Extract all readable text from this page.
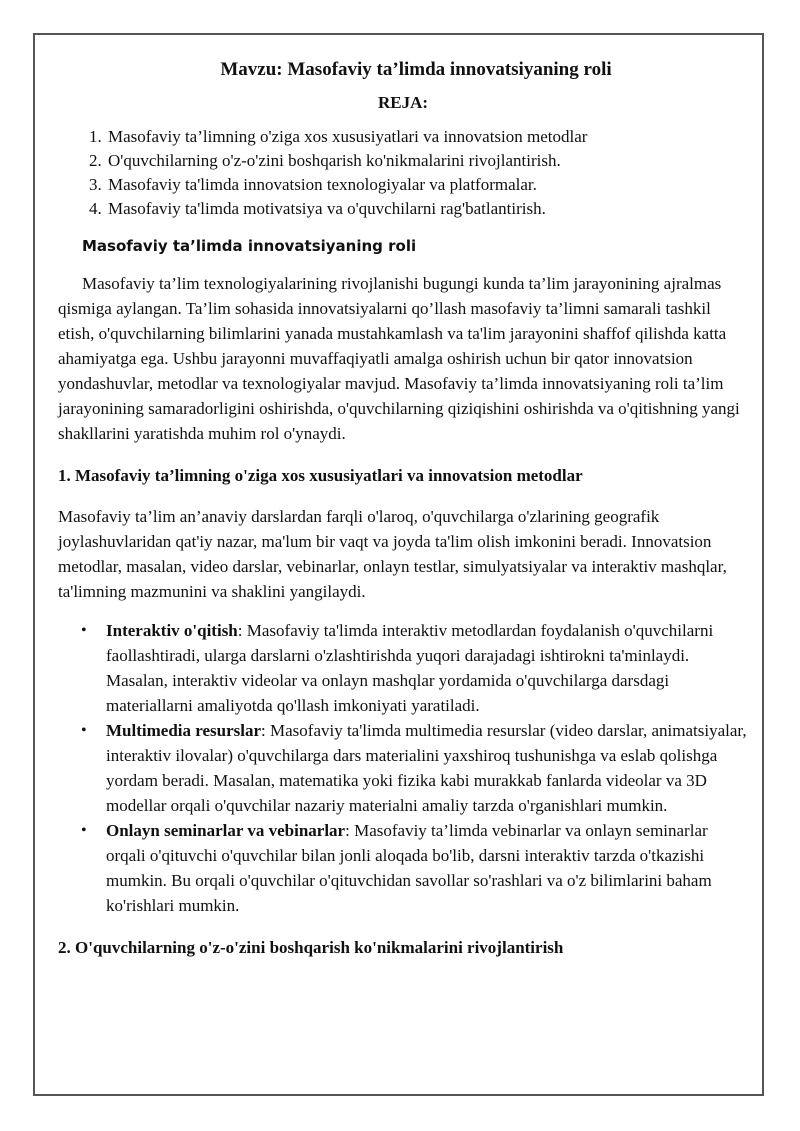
Mavzu: Masofaviy ta’limda innovatsiyaning roli
REJA:
1. Masofaviy ta’limning o'ziga xos xususiyatlari va innovatsion metodlar
2. O'quvchilarning o'z-o'zini boshqarish ko'nikmalarini rivojlantirish.
3. Masofaviy ta'limda innovatsion texnologiyalar va platformalar.
4. Masofaviy ta'limda motivatsiya va o'quvchilarni rag'batlantirish.
Masofaviy ta’limda innovatsiyaning roli

Masofaviy ta’lim texnologiyalarining rivojlanishi bugungi kunda ta’lim jarayonining ajralmas qismiga aylangan. Ta’lim sohasida innovatsiyalarni qo’llash masofaviy ta’limni samarali tashkil etish, o'quvchilarning bilimlarini yanada mustahkamlash va ta'lim jarayonini shaffof qilishda katta ahamiyatga ega. Ushbu jarayonni muvaffaqiyatli amalga oshirish uchun bir qator innovatsion yondashuvlar, metodlar va texnologiyalar mavjud. Masofaviy ta’limda innovatsiyaning roli ta’lim jarayonining samaradorligini oshirishda, o'quvchilarning qiziqishini oshirishda va o'qitishning yangi shakllarini yaratishda muhim rol o'ynaydi.

1. Masofaviy ta’limning o'ziga xos xususiyatlari va innovatsion metodlar

Masofaviy ta’lim an’anaviy darslardan farqli o'laroq, o'quvchilarga o'zlarining geografik joylashuvlaridan qat'iy nazar, ma'lum bir vaqt va joyda ta'lim olish imkonini beradi. Innovatsion metodlar, masalan, video darslar, vebinarlar, onlayn testlar, simulyatsiyalar va interaktiv mashqlar, ta'limning mazmunini va shaklini yangilaydi.

• Interaktiv o'qitish: Masofaviy ta'limda interaktiv metodlardan foydalanish o'quvchilarni faollashtiradi, ularga darslarni o'zlashtirishda yuqori darajadagi ishtirokni ta'minlaydi. Masalan, interaktiv videolar va onlayn mashqlar yordamida o'quvchilarga darsdagi materiallarni amaliyotda qo'llash imkoniyati yaratiladi.
• Multimedia resurslar: Masofaviy ta'limda multimedia resurslar (video darslar, animatsiyalar, interaktiv ilovalar) o'quvchilarga dars materialini yaxshiroq tushunishga va eslab qolishga yordam beradi. Masalan, matematika yoki fizika kabi murakkab fanlarda videolar va 3D modellar orqali o'quvchilar nazariy materialni amaliy tarzda o'rganishlari mumkin.
• Onlayn seminarlar va vebinarlar: Masofaviy ta’limda vebinarlar va onlayn seminarlar orqali o'qituvchi o'quvchilar bilan jonli aloqada bo'lib, darsni interaktiv tarzda o'tkazishi mumkin. Bu orqali o'quvchilar o'qituvchidan savollar so'rashlari va o'z bilimlarini baham ko'rishlari mumkin.
2. O'quvchilarning o'z-o'zini boshqarish ko'nikmalarini rivojlantirish
